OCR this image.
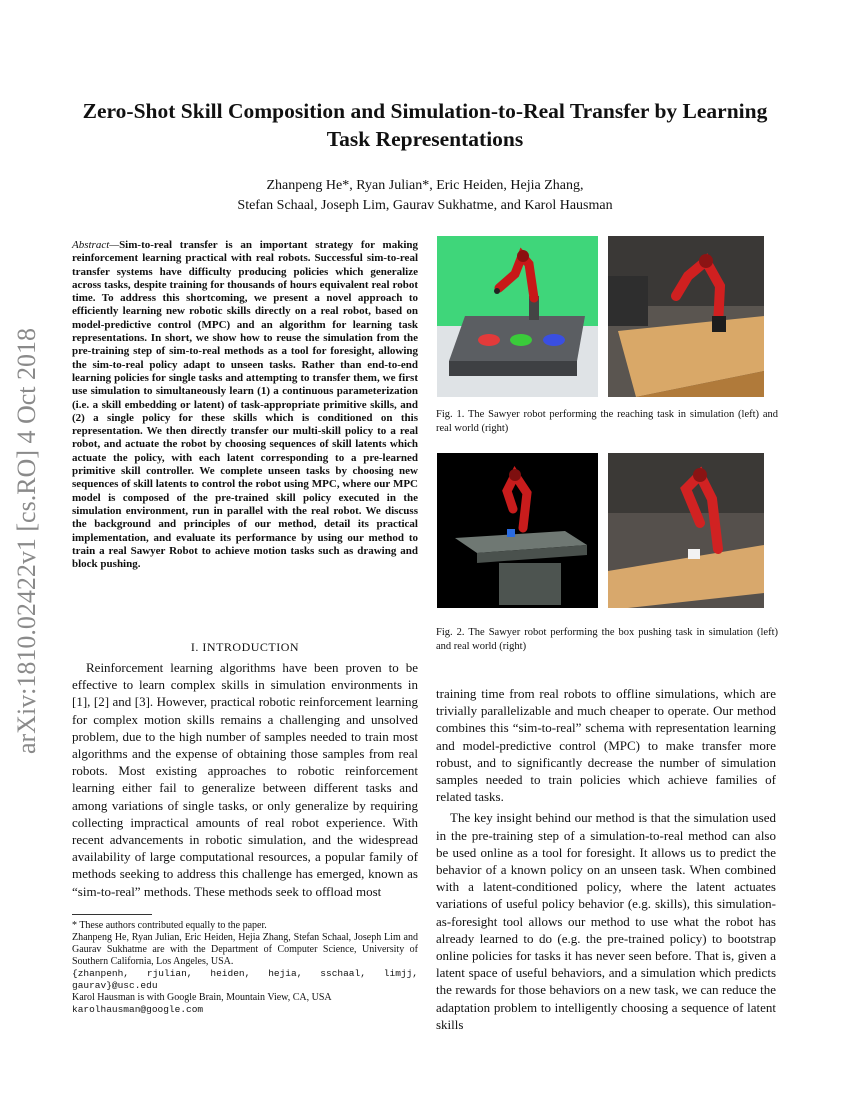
Zero-Shot Skill Composition and Simulation-to-Real Transfer by Learning Task Representations
Zhanpeng He*, Ryan Julian*, Eric Heiden, Hejia Zhang,
Stefan Schaal, Joseph Lim, Gaurav Sukhatme, and Karol Hausman
arXiv:1810.02422v1 [cs.RO] 4 Oct 2018
Abstract—Sim-to-real transfer is an important strategy for making reinforcement learning practical with real robots. Successful sim-to-real transfer systems have difficulty producing policies which generalize across tasks, despite training for thousands of hours equivalent real robot time. To address this shortcoming, we present a novel approach to efficiently learning new robotic skills directly on a real robot, based on model-predictive control (MPC) and an algorithm for learning task representations. In short, we show how to reuse the simulation from the pre-training step of sim-to-real methods as a tool for foresight, allowing the sim-to-real policy adapt to unseen tasks. Rather than end-to-end learning policies for single tasks and attempting to transfer them, we first use simulation to simultaneously learn (1) a continuous parameterization (i.e. a skill embedding or latent) of task-appropriate primitive skills, and (2) a single policy for these skills which is conditioned on this representation. We then directly transfer our multi-skill policy to a real robot, and actuate the robot by choosing sequences of skill latents which actuate the policy, with each latent corresponding to a pre-learned primitive skill controller. We complete unseen tasks by choosing new sequences of skill latents to control the robot using MPC, where our MPC model is composed of the pre-trained skill policy executed in the simulation environment, run in parallel with the real robot. We discuss the background and principles of our method, detail its practical implementation, and evaluate its performance by using our method to train a real Sawyer Robot to achieve motion tasks such as drawing and block pushing.
I. INTRODUCTION

Reinforcement learning algorithms have been proven to be effective to learn complex skills in simulation environments in [1], [2] and [3]. However, practical robotic reinforcement learning for complex motion skills remains a challenging and unsolved problem, due to the high number of samples needed to train most algorithms and the expense of obtaining those samples from real robots. Most existing approaches to robotic reinforcement learning either fail to generalize between different tasks and among variations of single tasks, or only generalize by requiring collecting impractical amounts of real robot experience. With recent advancements in robotic simulation, and the widespread availability of large computational resources, a popular family of methods seeking to address this challenge has emerged, known as “sim-to-real” methods. These methods seek to offload most

* These authors contributed equally to the paper.

Zhanpeng He, Ryan Julian, Eric Heiden, Hejia Zhang, Stefan Schaal, Joseph Lim and Gaurav Sukhatme are with the Department of Computer Science, University of Southern California, Los Angeles, USA.

{zhanpenh, rjulian, heiden, hejia, sschaal, limjj, gaurav}@usc.edu

Karol Hausman is with Google Brain, Mountain View, CA, USA

karolhausman@google.com

Fig. 1. The Sawyer robot performing the reaching task in simulation (left) and real world (right)
Fig. 2. The Sawyer robot performing the box pushing task in simulation (left) and real world (right)

training time from real robots to offline simulations, which are trivially parallelizable and much cheaper to operate. Our method combines this “sim-to-real” schema with representation learning and model-predictive control (MPC) to make transfer more robust, and to significantly decrease the number of simulation samples needed to train policies which achieve families of related tasks.

The key insight behind our method is that the simulation used in the pre-training step of a simulation-to-real method can also be used online as a tool for foresight. It allows us to predict the behavior of a known policy on an unseen task. When combined with a latent-conditioned policy, where the latent actuates variations of useful policy behavior (e.g. skills), this simulation-as-foresight tool allows our method to use what the robot has already learned to do (e.g. the pre-trained policy) to bootstrap online policies for tasks it has never seen before. That is, given a latent space of useful behaviors, and a simulation which predicts the rewards for those behaviors on a new task, we can reduce the adaptation problem to intelligently choosing a sequence of latent skills
